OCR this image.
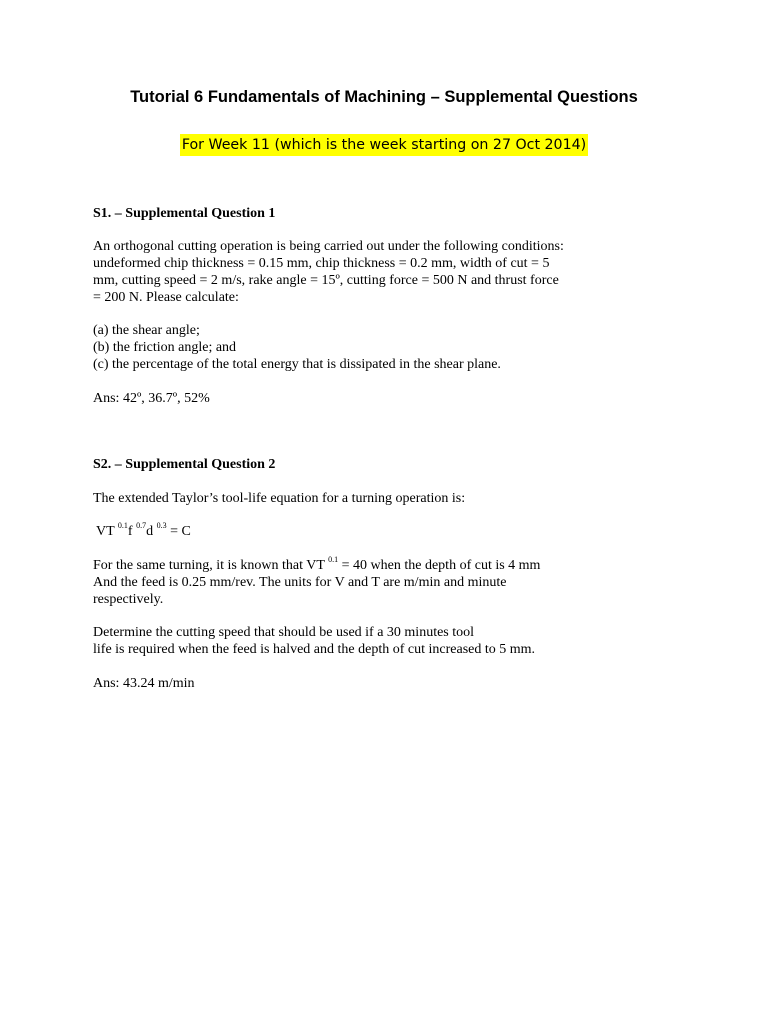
Tutorial 6 Fundamentals of Machining – Supplemental Questions
For Week 11 (which is the week starting on 27 Oct 2014)
S1. – Supplemental Question 1
An orthogonal cutting operation is being carried out under the following conditions:
undeformed chip thickness = 0.15 mm, chip thickness = 0.2 mm, width of cut = 5
mm, cutting speed = 2 m/s, rake angle = 15º, cutting force = 500 N and thrust force
= 200 N. Please calculate:
(a) the shear angle;
(b) the friction angle; and
(c) the percentage of the total energy that is dissipated in the shear plane.
Ans: 42º, 36.7º, 52%
S2. – Supplemental Question 2
The extended Taylor’s tool-life equation for a turning operation is:
VT $^{0.1}$f $^{0.7}$d $^{0.3}$ = C
For the same turning, it is known that VT $^{0.1}$ = 40 when the depth of cut is 4 mm
And the feed is 0.25 mm/rev. The units for V and T are m/min and minute
respectively.
Determine the cutting speed that should be used if a 30 minutes tool
life is required when the feed is halved and the depth of cut increased to 5 mm.
Ans: 43.24 m/min
